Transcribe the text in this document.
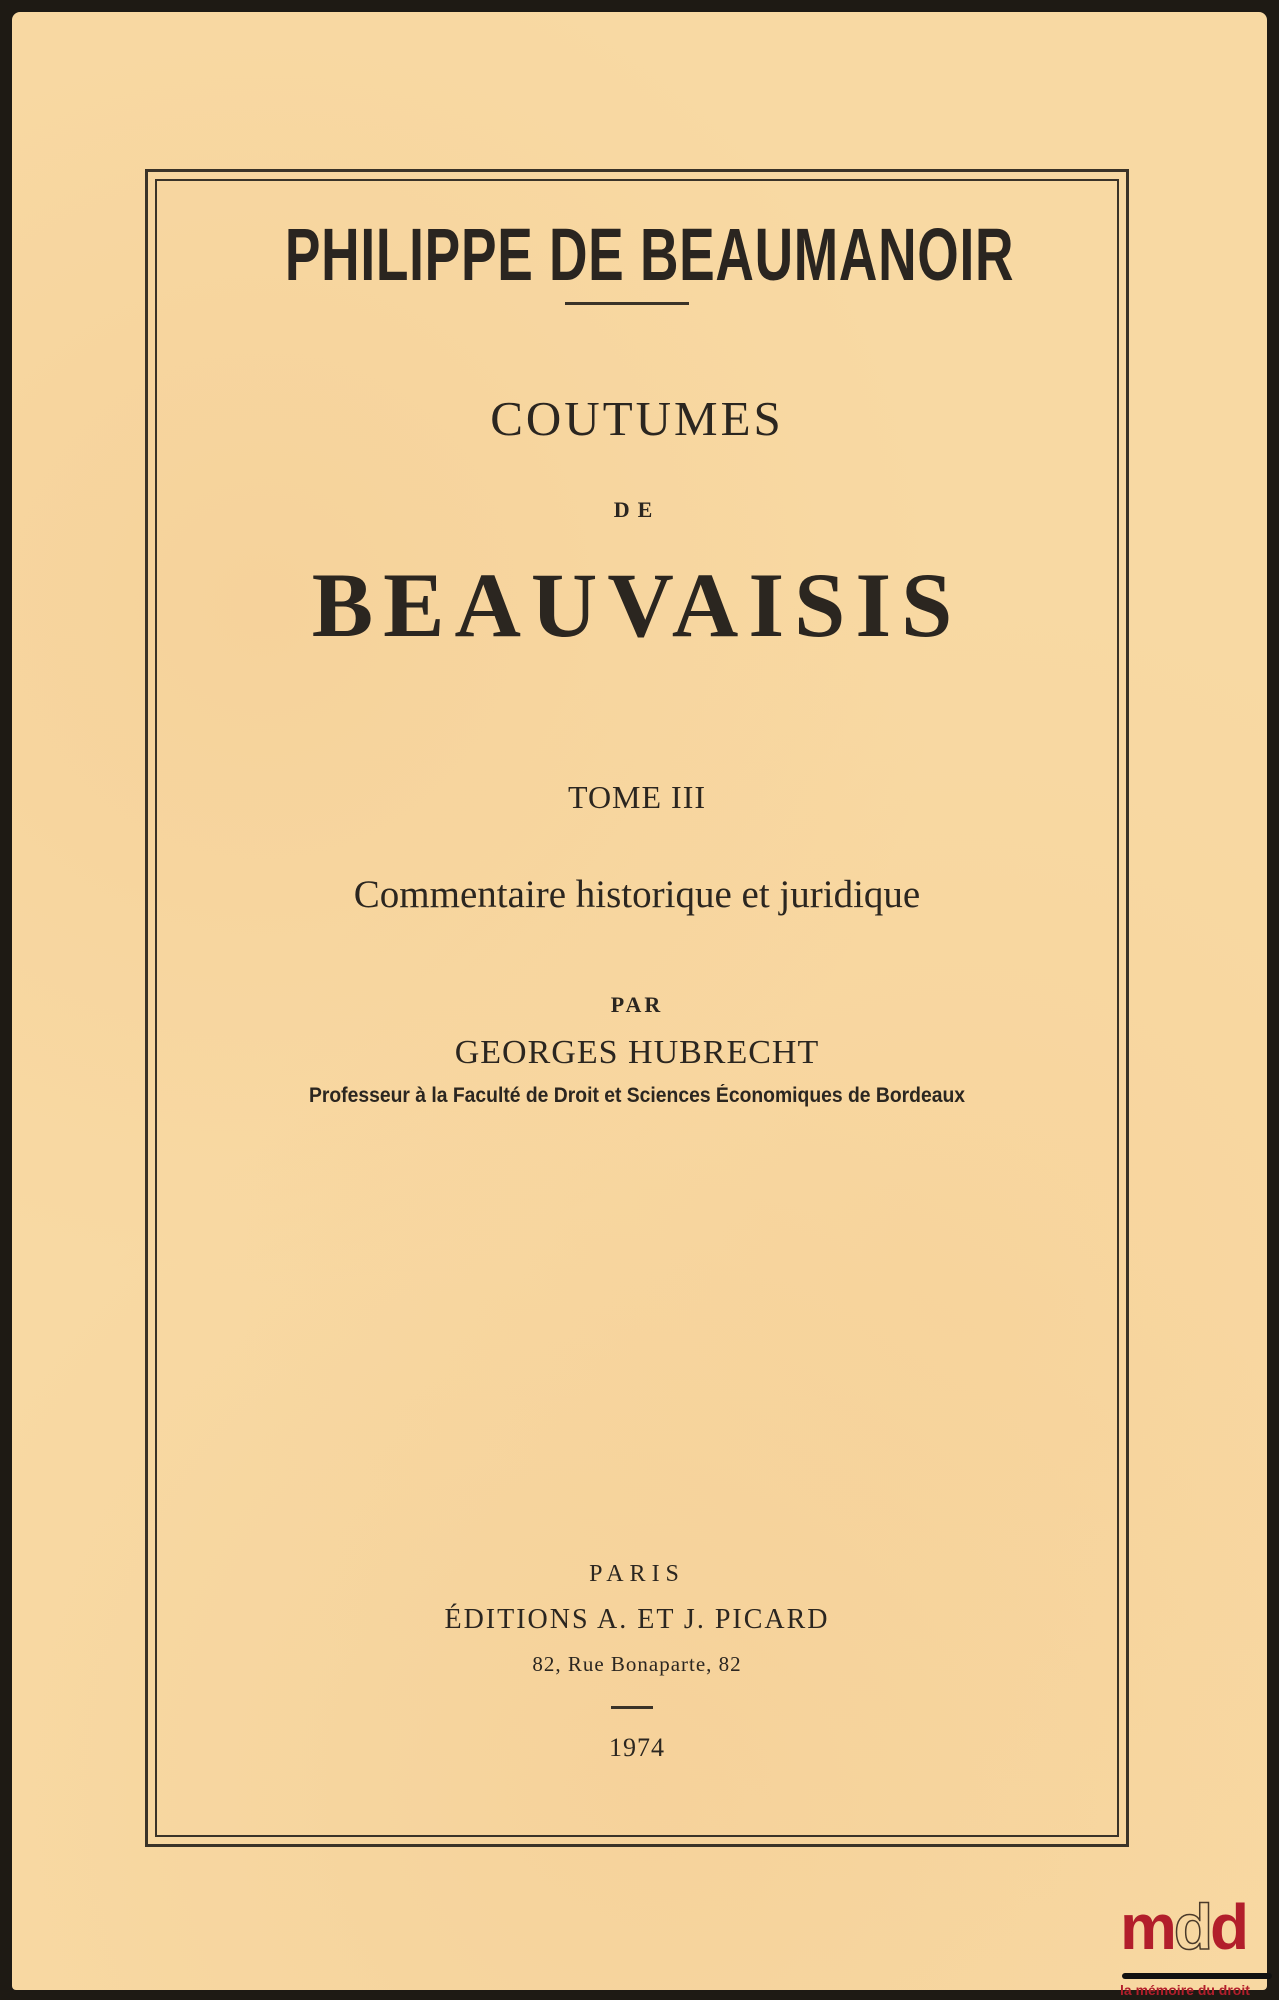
PHILIPPE DE BEAUMANOIR
COUTUMES
DE
BEAUVAISIS
TOME III
Commentaire historique et juridique
PAR
GEORGES HUBRECHT
Professeur à la Faculté de Droit et Sciences Économiques de Bordeaux
PARIS
ÉDITIONS A. ET J. PICARD
82, Rue Bonaparte, 82
1974
mdd
la mémoire du droit
